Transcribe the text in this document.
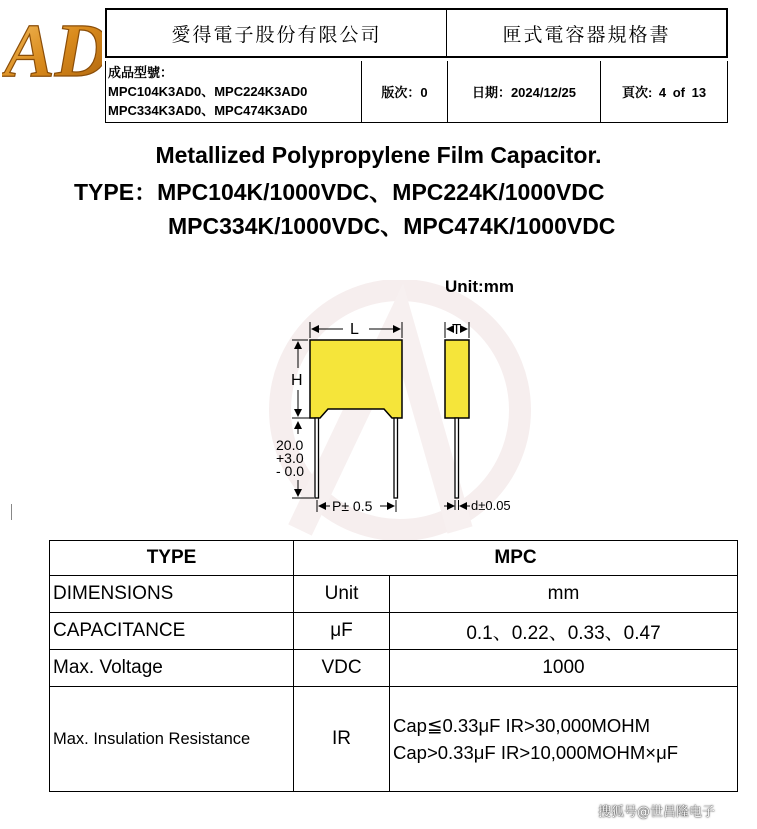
AD	愛得電子股份有限公司	匣式電容器規格書
成品型號：
MPC104K3AD0、MPC224K3AD0
MPC334K3AD0、MPC474K3AD0
版次：0	日期：2024/12/25	頁次: 4 of 13
Metallized Polypropylene Film Capacitor.
TYPE：MPC104K/1000VDC、MPC224K/1000VDC
MPC334K/1000VDC、MPC474K/1000VDC
Unit:mm
L
H
20.0
+3.0
- 0.0
P± 0.5
T
d±0.05
TYPE	MPC	
DIMENSIONS	Unit	mm
CAPACITANCE	μF	0.1、0.22、0.33、0.47
Max. Voltage	VDC	1000
Max. Insulation Resistance	IR	Cap≦0.33μF IR>30,000MOHM
Cap>0.33μF IR>10,000MOHM×μF
搜狐号@世昌隆电子
